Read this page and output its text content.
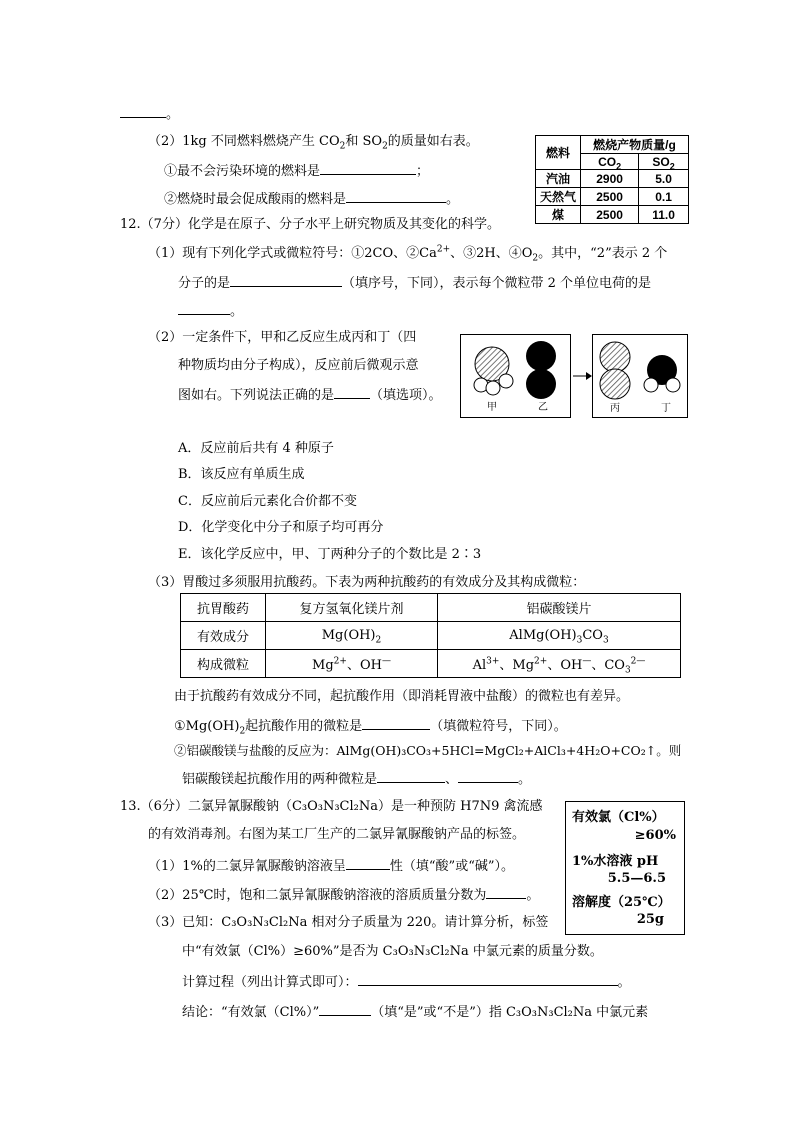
。
（2）1kg 不同燃料燃烧产生 $CO_2$和 $SO_2$的质量如右表。
①最不会污染环境的燃料是	；
②燃烧时最会促成酸雨的燃料是	。
燃料	燃烧产物质量/g	
	$CO_2$	$SO_2$
汽油	2900	5.0
天然气	2500	0.1
煤	2500	11.0
12.（7分）化学是在原子、分子水平上研究物质及其变化的科学。
（1）现有下列化学式或微粒符号：①2CO、$②Ca^{2+}$、③2H、$④O_2$。其中，“2”表示 2 个
分子的是	（填序号，下同），表示每个微粒带 2 个单位电荷的是
。
（2）一定条件下，甲和乙反应生成丙和丁（四
种物质均由分子构成），反应前后微观示意
图如右。下列说法正确的是	（填选项）。
甲	乙	丙	丁
A．反应前后共有 4 种原子
B．该反应有单质生成
C．反应前后元素化合价都不变
D．化学变化中分子和原子均可再分
E．该化学反应中，甲、丁两种分子的个数比是 2∶3
（3）胃酸过多须服用抗酸药。下表为两种抗酸药的有效成分及其构成微粒：
抗胃酸药	复方氢氧化镁片剂	铝碳酸镁片
有效成分	$Mg(OH)_2$	$AlMg(OH)_3CO_3$
构成微粒	$Mg^{2+}$、OH—	$Al^{3+}$、$Mg^{2+}$、OH—、$CO_3^{2—}$
由于抗酸药有效成分不同，起抗酸作用（即消耗胃液中盐酸）的微粒也有差异。
$①Mg(OH)_2$起抗酸作用的微粒是	（填微粒符号，下同）。
②铝碳酸镁与盐酸的反应为：AlMg(OH)₃CO₃+5HCl=MgCl₂+AlCl₃+4H₂O+CO₂↑。则
铝碳酸镁起抗酸作用的两种微粒是	、	。
13.（6分）二氯异氰脲酸钠（C₃O₃N₃Cl₂Na）是一种预防 H7N9 禽流感
的有效消毒剂。右图为某工厂生产的二氯异氰脲酸钠产品的标签。
（1）1%的二氯异氰脲酸钠溶液呈	性（填“酸”或“碱”）。
（2）25℃时，饱和二氯异氰脲酸钠溶液的溶质质量分数为	。
（3）已知：C₃O₃N₃Cl₂Na 相对分子质量为 220。请计算分析，标签
中“有效氯（Cl%）≥60%”是否为 C₃O₃N₃Cl₂Na 中氯元素的质量分数。
计算过程（列出计算式即可）：	。
结论：“有效氯（Cl%）”	（填“是”或“不是”）指 C₃O₃N₃Cl₂Na 中氯元素
有效氯（Cl%）
≥60%
1%水溶液 pH
5.5—6.5
溶解度（25℃）
25g
